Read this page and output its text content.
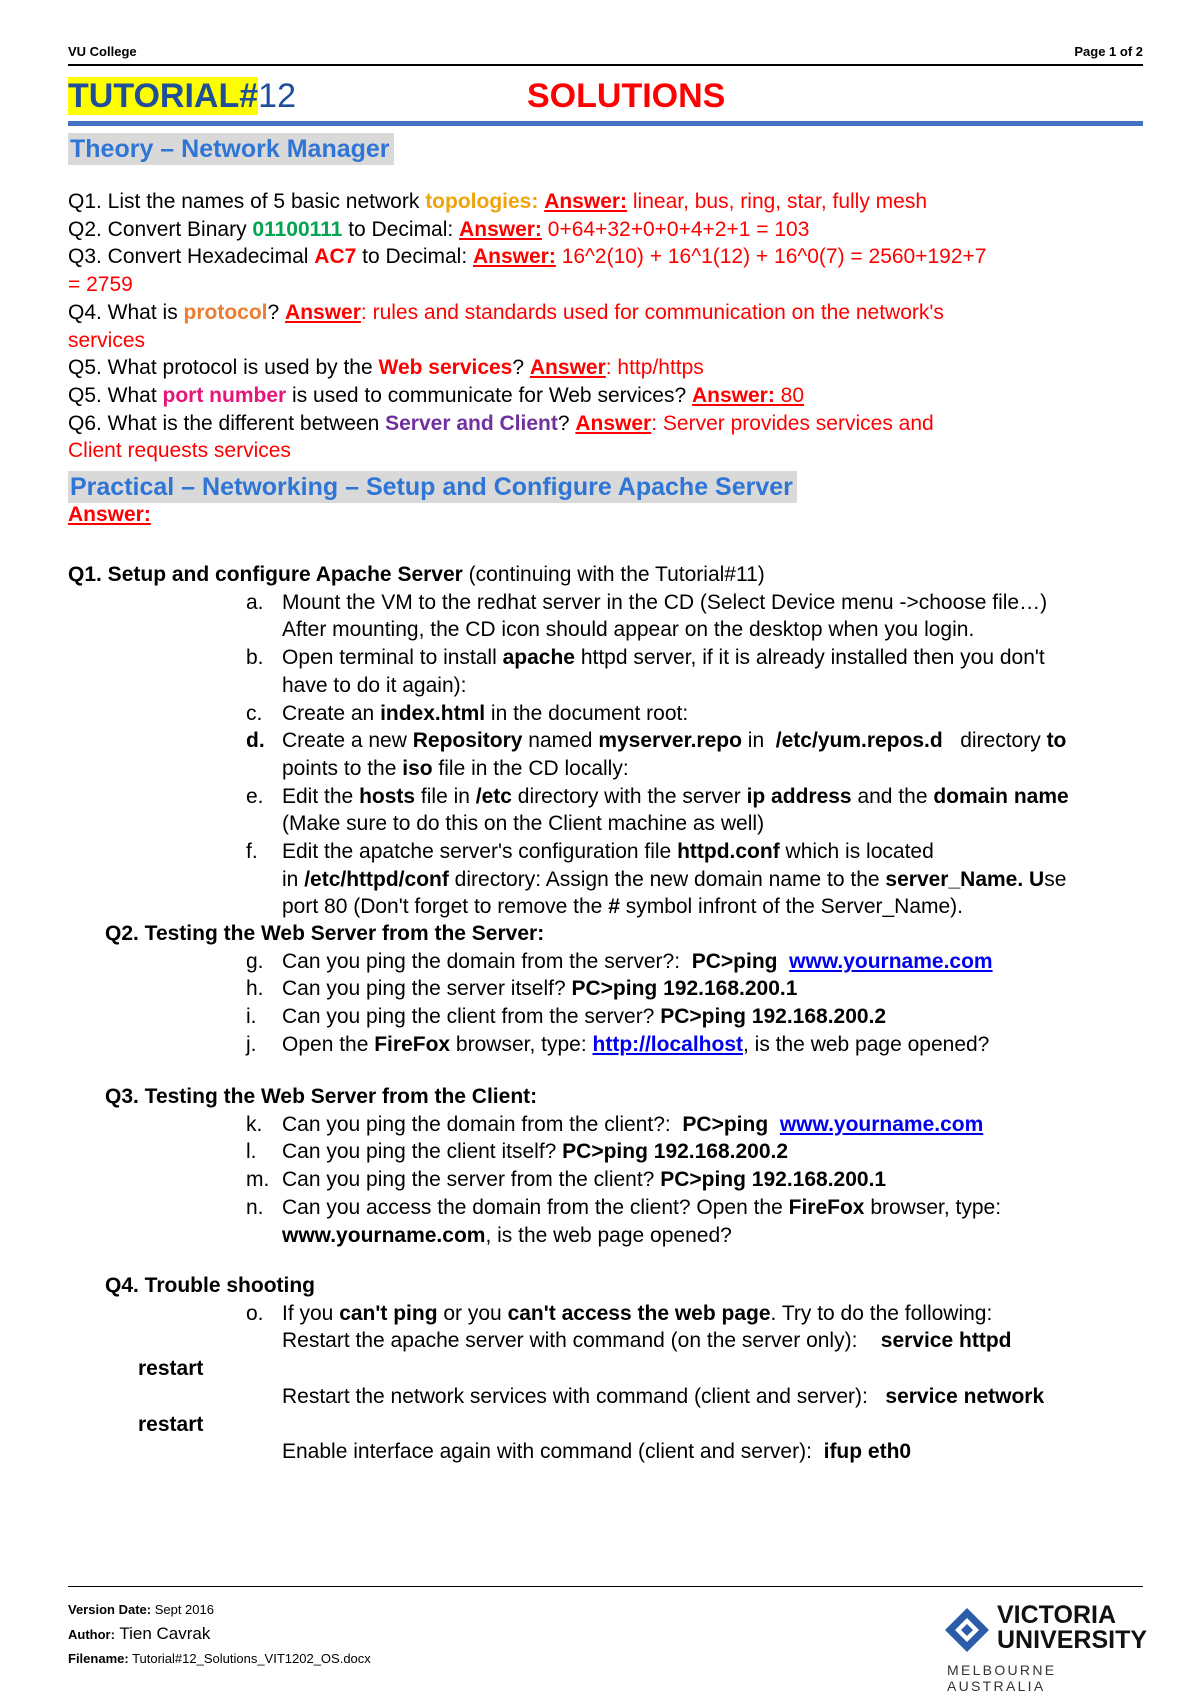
VU College	Page 1 of 2
TUTORIAL#12	SOLUTIONS
Theory – Network Manager
Q1. List the names of 5 basic network topologies: Answer: linear, bus, ring, star, fully mesh
Q2. Convert Binary 01100111 to Decimal: Answer: 0+64+32+0+0+4+2+1 = 103
Q3. Convert Hexadecimal AC7 to Decimal: Answer: 16^2(10) + 16^1(12) + 16^0(7) = 2560+192+7
= 2759
Q4. What is protocol? Answer: rules and standards used for communication on the network's
services
Q5. What protocol is used by the Web services? Answer: http/https
Q5. What port number is used to communicate for Web services? Answer: 80
Q6. What is the different between Server and Client? Answer: Server provides services and
Client requests services
Practical – Networking – Setup and Configure Apache Server
Answer:
Q1. Setup and configure Apache Server (continuing with the Tutorial#11)
a. Mount the VM to the redhat server in the CD (Select Device menu ->choose file…)
After mounting, the CD icon should appear on the desktop when you login.
b. Open terminal to install apache httpd server, if it is already installed then you don't
have to do it again):
c. Create an index.html in the document root:
d. Create a new Repository named myserver.repo in  /etc/yum.repos.d   directory to
points to the iso file in the CD locally:
e. Edit the hosts file in /etc directory with the server ip address and the domain name
(Make sure to do this on the Client machine as well)
f.	Edit the apatche server's configuration file httpd.conf which is located
in /etc/httpd/conf directory: Assign the new domain name to the server_Name. Use
port 80 (Don't forget to remove the # symbol infront of the Server_Name).
Q2. Testing the Web Server from the Server:
g. Can you ping the domain from the server?:  PC>ping  www.yourname.com
h. Can you ping the server itself? PC>ping 192.168.200.1
i.	Can you ping the client from the server? PC>ping 192.168.200.2
j.	Open the FireFox browser, type: http://localhost, is the web page opened?
Q3. Testing the Web Server from the Client:
k. Can you ping the domain from the client?:  PC>ping  www.yourname.com
l.	Can you ping the client itself? PC>ping 192.168.200.2
m. Can you ping the server from the client? PC>ping 192.168.200.1
n. Can you access the domain from the client? Open the FireFox browser, type:
www.yourname.com, is the web page opened?
Q4. Trouble shooting
o. If you can't ping or you can't access the web page. Try to do the following:
Restart the apache server with command (on the server only):    service httpd
restart
Restart the network services with command (client and server):   service network
restart
Enable interface again with command (client and server):  ifup eth0
Version Date: Sept 2016
Author: Tien Cavrak
Filename: Tutorial#12_Solutions_VIT1202_OS.docx
VICTORIA
UNIVERSITY
MELBOURNE AUSTRALIA
